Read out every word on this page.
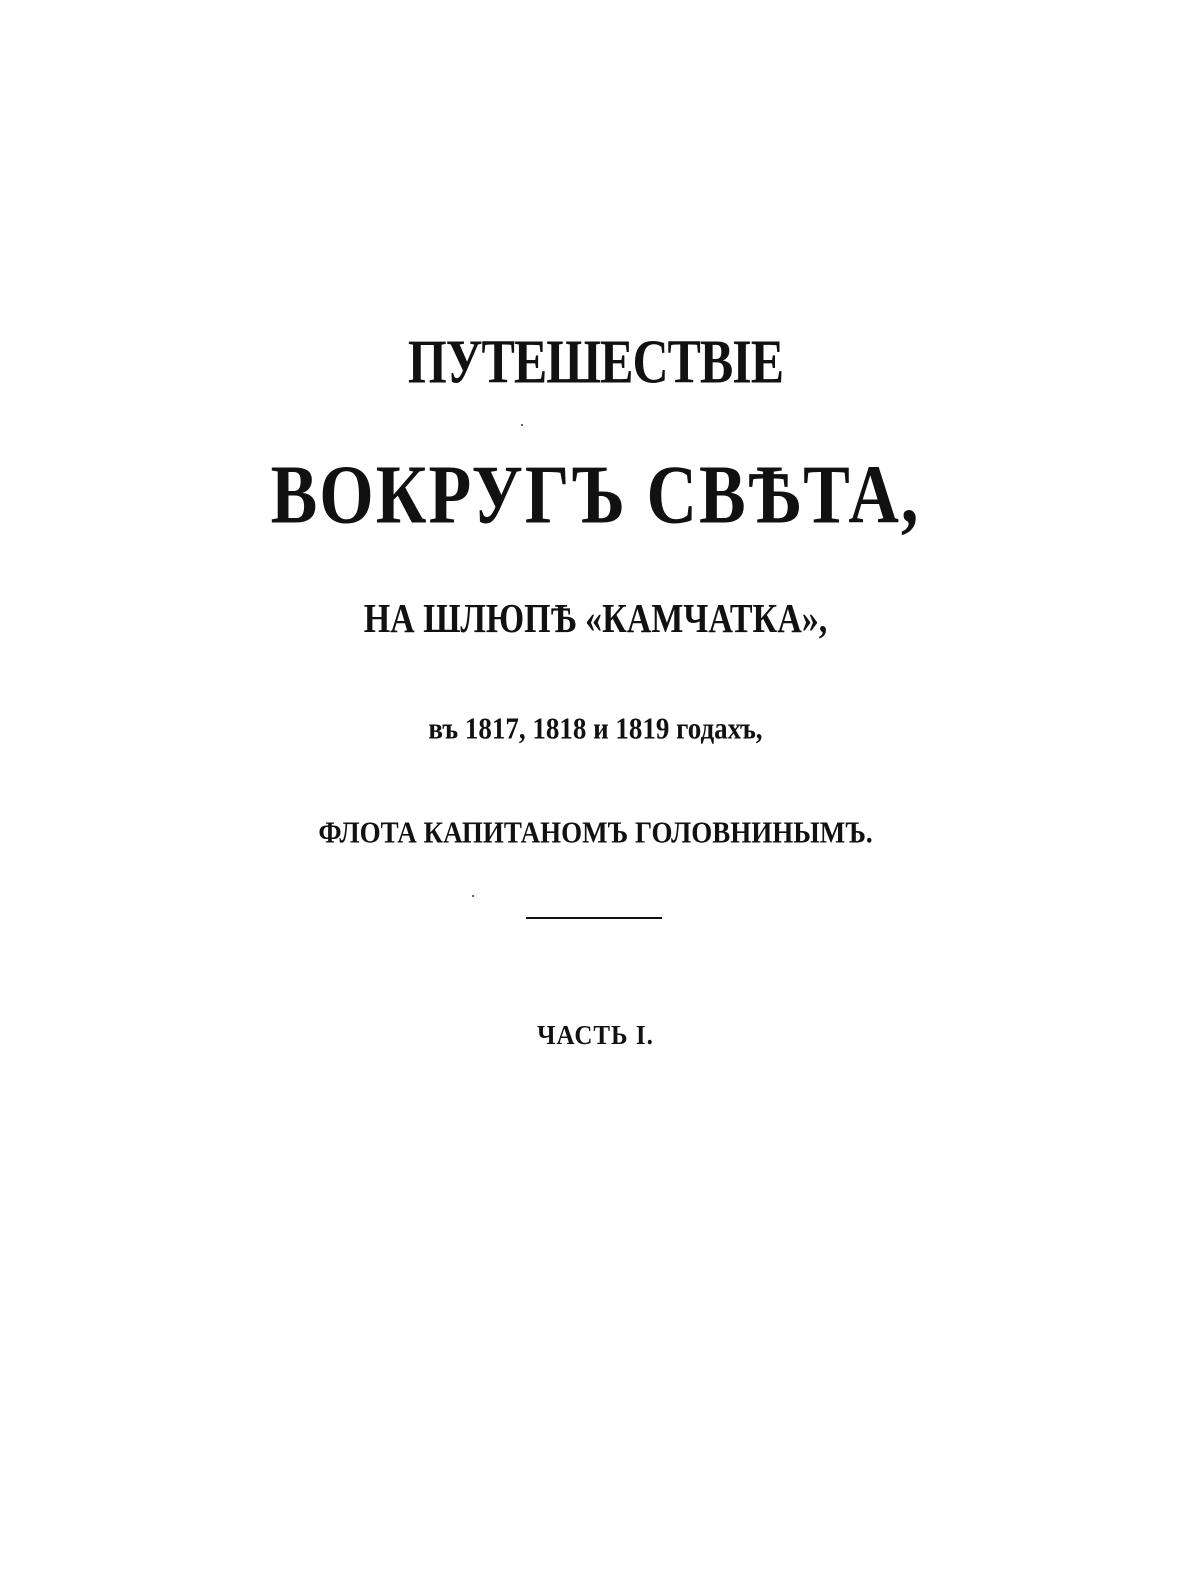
ПУТЕШЕСТВІЕ
ВОКРУГЪ СВѢТА,
НА ШЛЮПѢ «КАМЧАТКА»,
въ 1817, 1818 и 1819 годахъ,
ФЛОТА КАПИТАНОМЪ ГОЛОВНИНЫМЪ.
ЧАСТЬ I.
